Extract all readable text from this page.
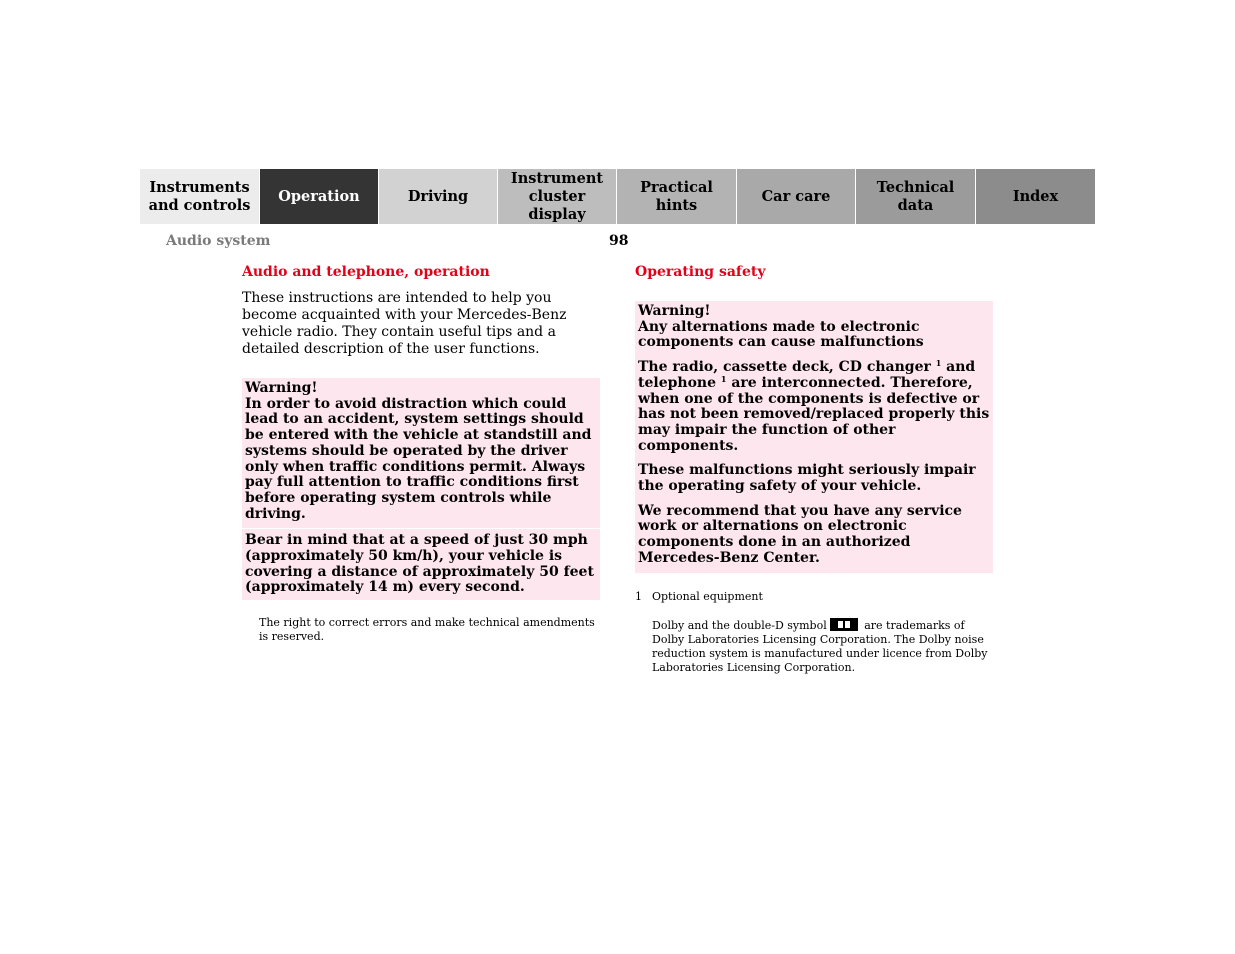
Instruments
and controls
Operation	Driving
Instrument
cluster display
Practical hints
Car care
Technical
data
Index
Audio system	98

Audio and telephone, operation

These instructions are intended to help you become acquainted with your Mercedes-Benz vehicle radio. They contain useful tips and a detailed description of the user functions.

Warning!

In order to avoid distraction which could lead to an accident, system settings should be entered with the vehicle at standstill and systems should be operated by the driver only when traffic conditions permit. Always pay full attention to traffic conditions first before operating system controls while driving.

Bear in mind that at a speed of just 30 mph (approximately 50 km/h), your vehicle is covering a distance of approximately 50 feet (approximately 14 m) every second.

The right to correct errors and make technical amendments is reserved.

Operating safety

Warning!

Any alternations made to electronic components can cause malfunctions

The radio, cassette deck, CD changer $^1$ and telephone $^1$ are interconnected. Therefore, when one of the components is defective or has not been removed/replaced properly this may impair the function of other components.

These malfunctions might seriously impair the operating safety of your vehicle.

We recommend that you have any service work or alternations on electronic components done in an authorized Mercedes-Benz Center.

1 Optional equipment

Dolby and the double-D symbol	are trademarks of Dolby Laboratories Licensing Corporation. The Dolby noise reduction system is manufactured under licence from Dolby Laboratories Licensing Corporation.
